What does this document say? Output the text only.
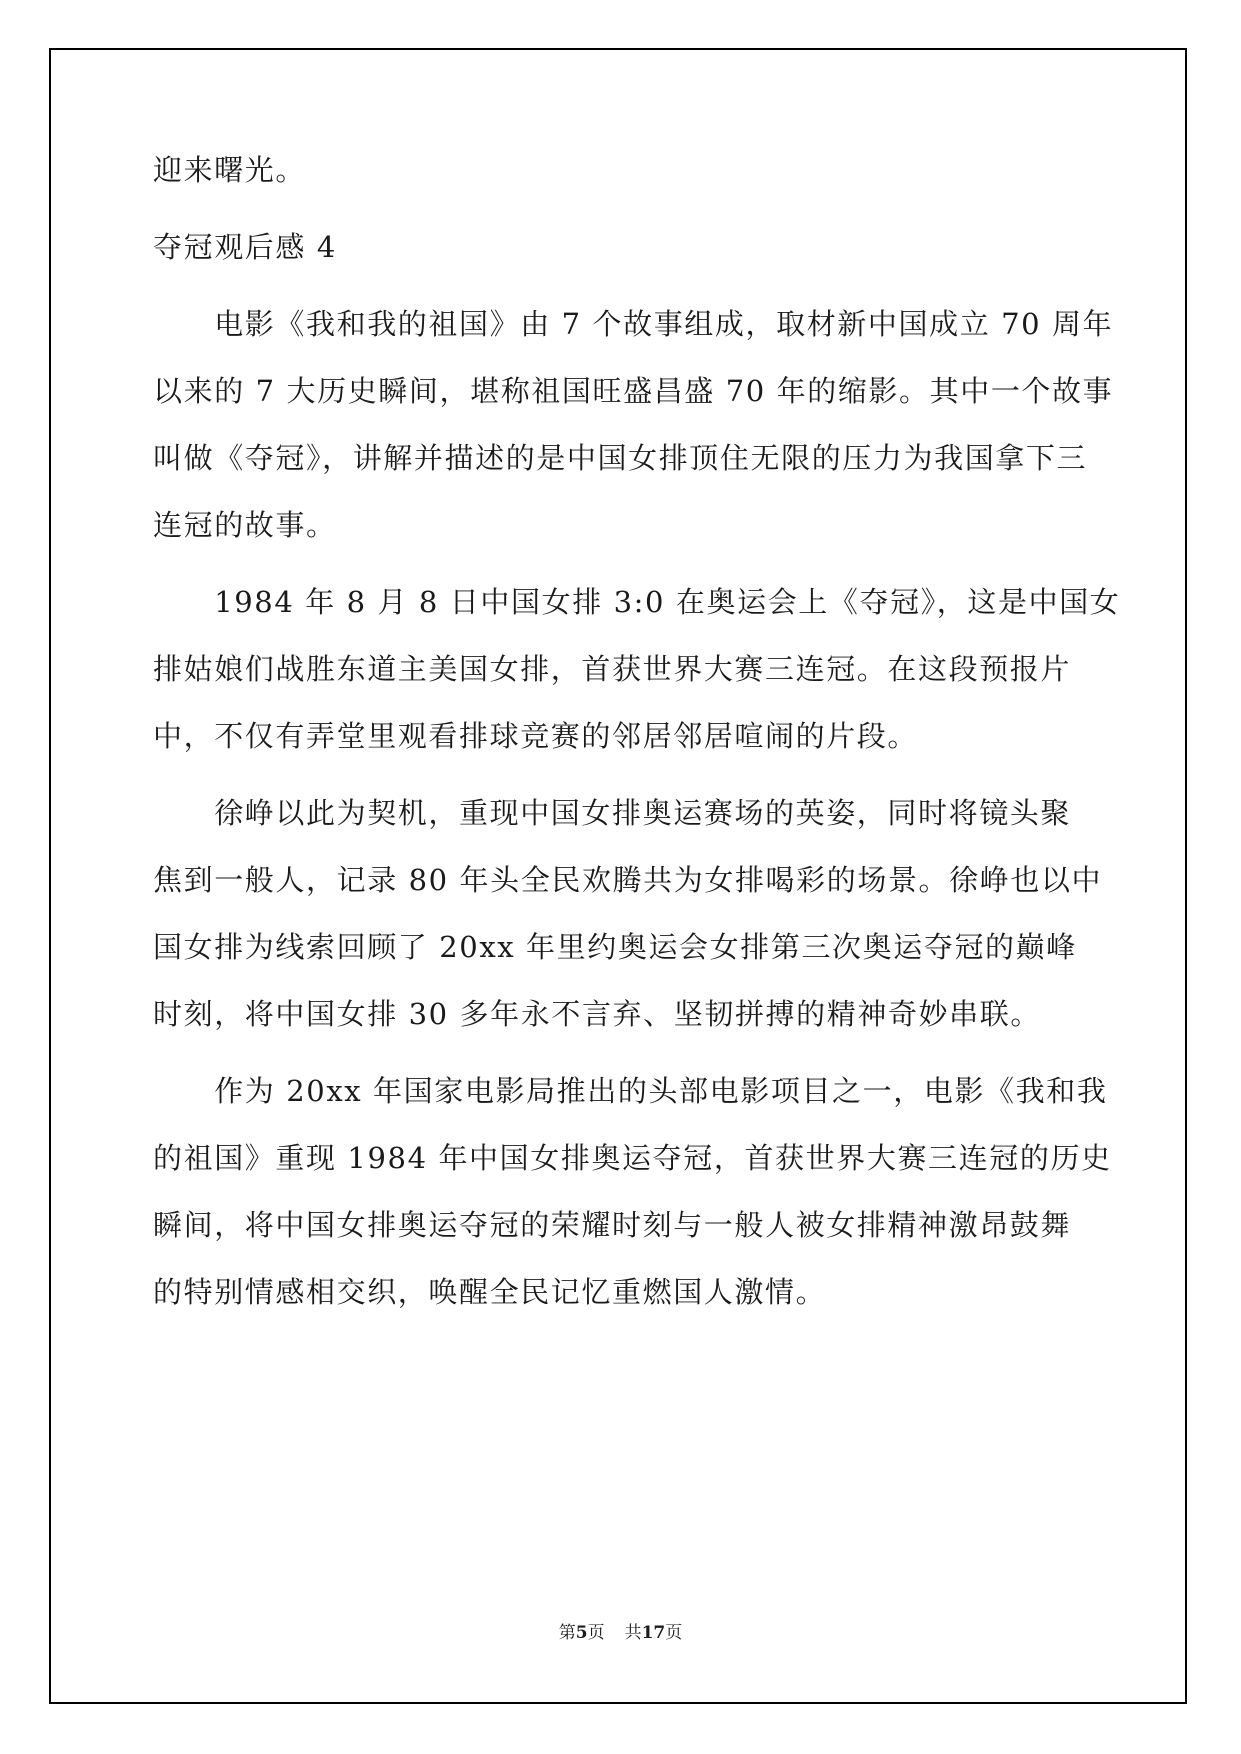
迎来曙光。
夺冠观后感 4
　　电影《我和我的祖国》由 7 个故事组成，取材新中国成立 70 周年
以来的 7 大历史瞬间，堪称祖国旺盛昌盛 70 年的缩影。其中一个故事
叫做《夺冠》，讲解并描述的是中国女排顶住无限的压力为我国拿下三
连冠的故事。
　　1984 年 8 月 8 日中国女排 3:0 在奥运会上《夺冠》，这是中国女
排姑娘们战胜东道主美国女排，首获世界大赛三连冠。在这段预报片
中，不仅有弄堂里观看排球竞赛的邻居邻居喧闹的片段。
　　徐峥以此为契机，重现中国女排奥运赛场的英姿，同时将镜头聚
焦到一般人，记录 80 年头全民欢腾共为女排喝彩的场景。徐峥也以中
国女排为线索回顾了 20xx 年里约奥运会女排第三次奥运夺冠的巅峰
时刻，将中国女排 30 多年永不言弃、坚韧拼搏的精神奇妙串联。
　　作为 20xx 年国家电影局推出的头部电影项目之一，电影《我和我
的祖国》重现 1984 年中国女排奥运夺冠，首获世界大赛三连冠的历史
瞬间，将中国女排奥运夺冠的荣耀时刻与一般人被女排精神激昂鼓舞
的特别情感相交织，唤醒全民记忆重燃国人激情。
第5页 共17页
